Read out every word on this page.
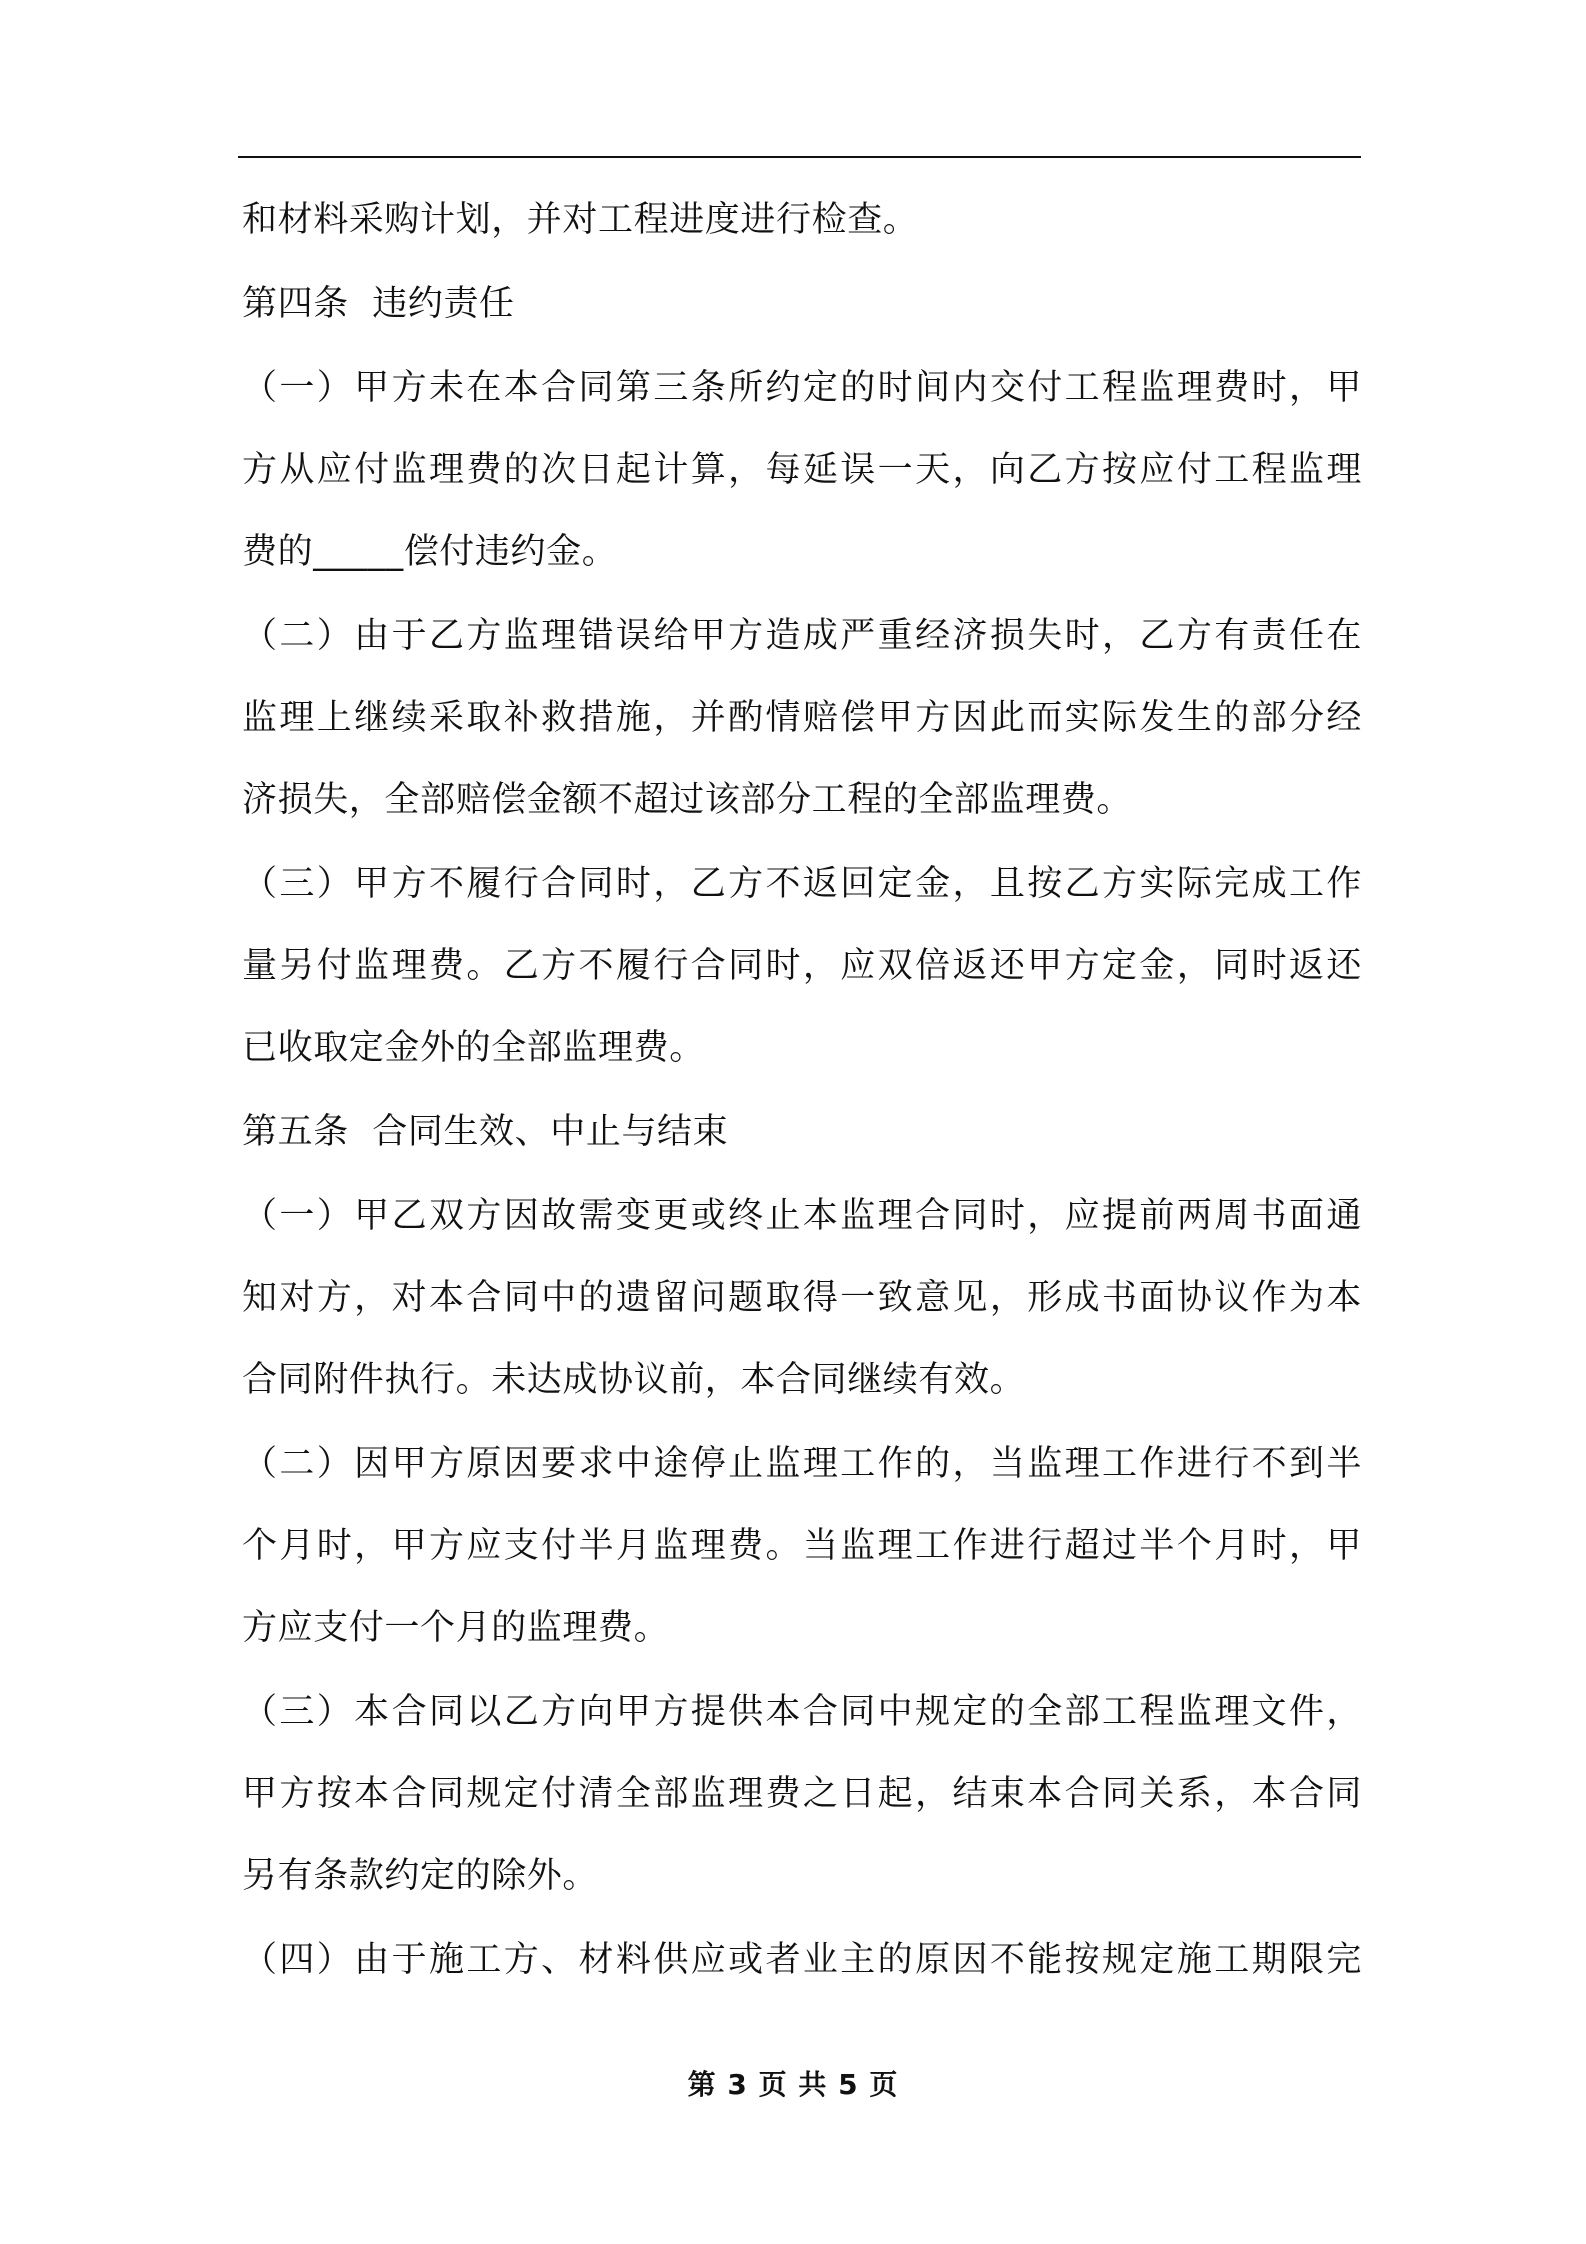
和材料采购计划，并对工程进度进行检查。

第四条  违约责任

（一）甲方未在本合同第三条所约定的时间内交付工程监理费时，甲

方从应付监理费的次日起计算，每延误一天，向乙方按应付工程监理

费的_____偿付违约金。

（二）由于乙方监理错误给甲方造成严重经济损失时，乙方有责任在

监理上继续采取补救措施，并酌情赔偿甲方因此而实际发生的部分经

济损失，全部赔偿金额不超过该部分工程的全部监理费。

（三）甲方不履行合同时，乙方不返回定金，且按乙方实际完成工作

量另付监理费。乙方不履行合同时，应双倍返还甲方定金，同时返还

已收取定金外的全部监理费。

第五条  合同生效、中止与结束

（一）甲乙双方因故需变更或终止本监理合同时，应提前两周书面通

知对方，对本合同中的遗留问题取得一致意见，形成书面协议作为本

合同附件执行。未达成协议前，本合同继续有效。

（二）因甲方原因要求中途停止监理工作的，当监理工作进行不到半

个月时，甲方应支付半月监理费。当监理工作进行超过半个月时，甲

方应支付一个月的监理费。

（三）本合同以乙方向甲方提供本合同中规定的全部工程监理文件，

甲方按本合同规定付清全部监理费之日起，结束本合同关系，本合同

另有条款约定的除外。

（四）由于施工方、材料供应或者业主的原因不能按规定施工期限完

第 3 页 共 5 页
